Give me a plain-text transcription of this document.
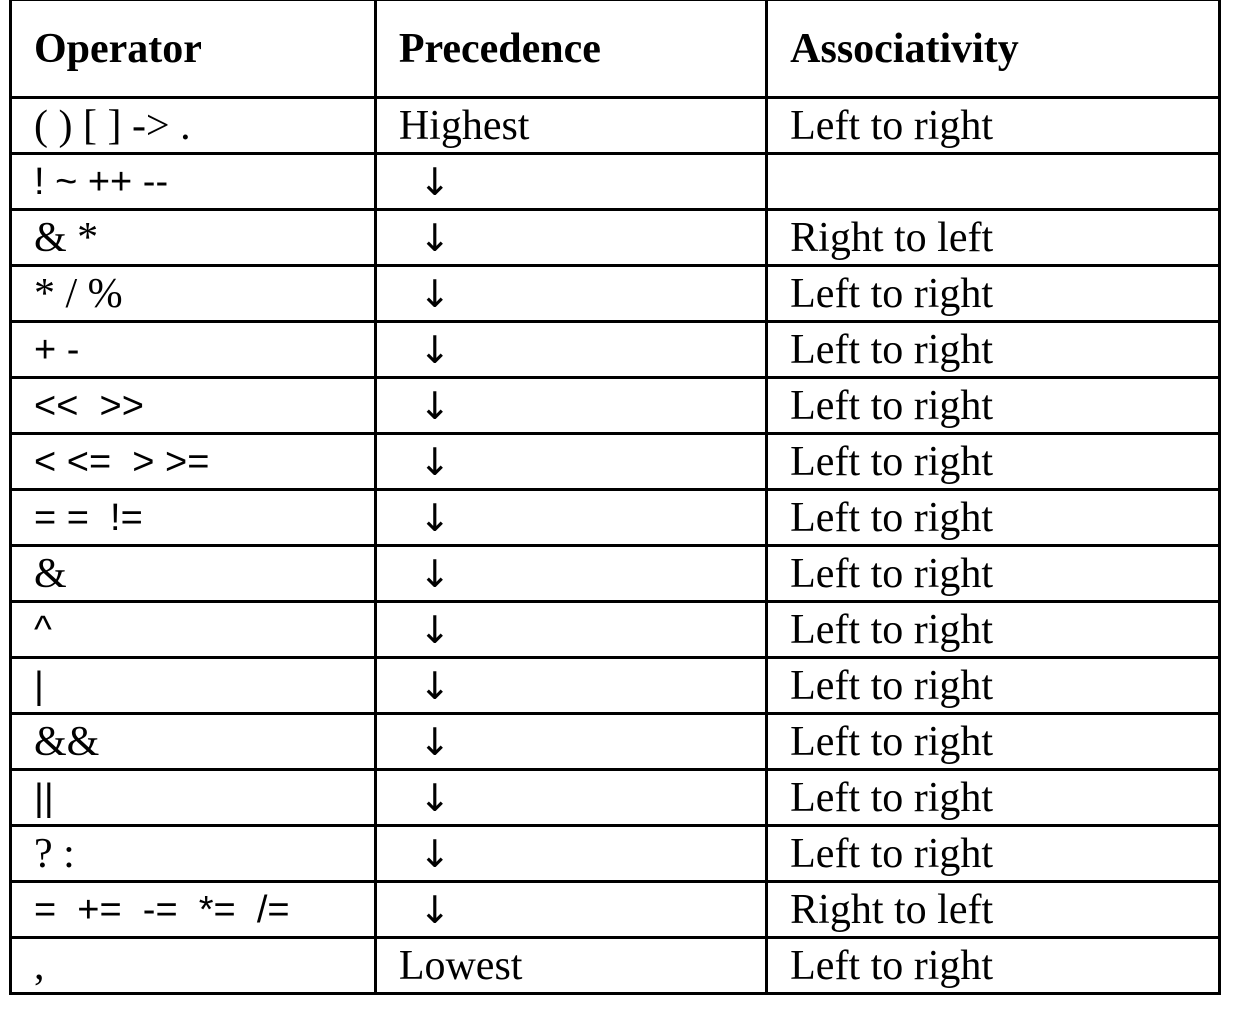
Operator	Precedence	Associativity
( ) [ ] -> .	Highest	Left to right
! ~ ++ --	↓	
& *	↓	Right to left
* / %	↓	Left to right
+ -	↓	Left to right
<<  >>	↓	Left to right
< <=  > >=	↓	Left to right
= =  !=	↓	Left to right
&	↓	Left to right
^	↓	Left to right
|	↓	Left to right
&&	↓	Left to right
||	↓	Left to right
? :	↓	Left to right
=  +=  -=  *=  /=	↓	Right to left
,	Lowest	Left to right
